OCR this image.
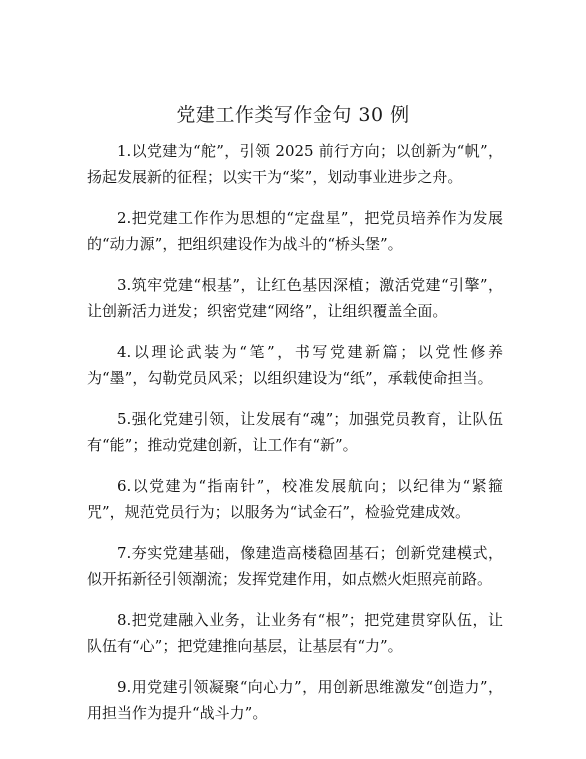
党建工作类写作金句 30 例

1.以党建为“舵”，引领 2025 前行方向；以创新为“帆”，扬起发展新的征程；以实干为“桨”，划动事业进步之舟。

2.把党建工作作为思想的“定盘星”，把党员培养作为发展的“动力源”，把组织建设作为战斗的“桥头堡”。

3.筑牢党建“根基”，让红色基因深植；激活党建“引擎”，让创新活力迸发；织密党建“网络”，让组织覆盖全面。

4.以理论武装为“笔”，书写党建新篇；以党性修养为“墨”，勾勒党员风采；以组织建设为“纸”，承载使命担当。

5.强化党建引领，让发展有“魂”；加强党员教育，让队伍有“能”；推动党建创新，让工作有“新”。

6.以党建为“指南针”，校准发展航向；以纪律为“紧箍咒”，规范党员行为；以服务为“试金石”，检验党建成效。

7.夯实党建基础，像建造高楼稳固基石；创新党建模式，似开拓新径引领潮流；发挥党建作用，如点燃火炬照亮前路。

8.把党建融入业务，让业务有“根”；把党建贯穿队伍，让队伍有“心”；把党建推向基层，让基层有“力”。

9.用党建引领凝聚“向心力”，用创新思维激发“创造力”，用担当作为提升“战斗力”。
